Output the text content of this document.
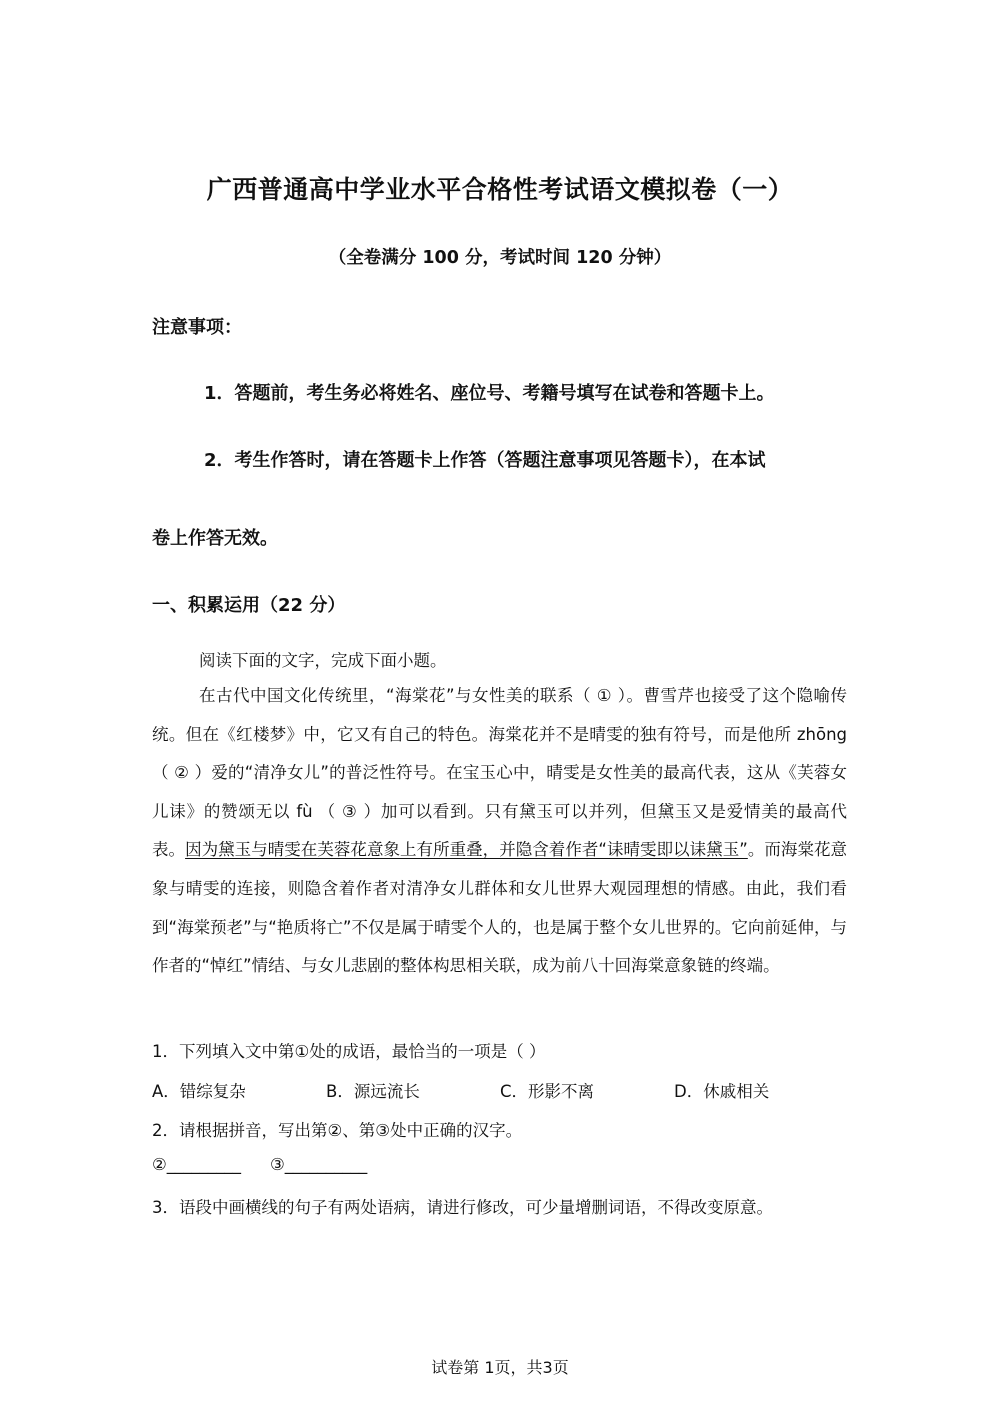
广西普通高中学业水平合格性考试语文模拟卷（一）
（全卷满分 100 分，考试时间 120 分钟）
注意事项：
1．答题前，考生务必将姓名、座位号、考籍号填写在试卷和答题卡上。
2．考生作答时，请在答题卡上作答（答题注意事项见答题卡），在本试
卷上作答无效。
一、积累运用（22 分）
阅读下面的文字，完成下面小题。
在古代中国文化传统里，“海棠花”与女性美的联系（ ① ）。曹雪芹也接受了这个隐喻传统。但在《红楼梦》中，它又有自己的特色。海棠花并不是晴雯的独有符号，而是他所 zhōng （ ② ）爱的“清净女儿”的普泛性符号。在宝玉心中，晴雯是女性美的最高代表，这从《芙蓉女儿诔》的赞颂无以 fù （ ③ ）加可以看到。只有黛玉可以并列，但黛玉又是爱情美的最高代表。因为黛玉与晴雯在芙蓉花意象上有所重叠，并隐含着作者“诔晴雯即以诔黛玉”。而海棠花意象与晴雯的连接，则隐含着作者对清净女儿群体和女儿世界大观园理想的情感。由此，我们看到“海棠预老”与“艳质将亡”不仅是属于晴雯个人的，也是属于整个女儿世界的。它向前延伸，与作者的“悼红”情结、与女儿悲剧的整体构思相关联，成为前八十回海棠意象链的终端。
1．下列填入文中第①处的成语，最恰当的一项是（ ）
A．错综复杂	B．源远流长	C．形影不离	D．休戚相关
2．请根据拼音，写出第②、第③处中正确的汉字。
②_________ ③__________
3．语段中画横线的句子有两处语病，请进行修改，可少量增删词语，不得改变原意。
试卷第 1页，共3页
